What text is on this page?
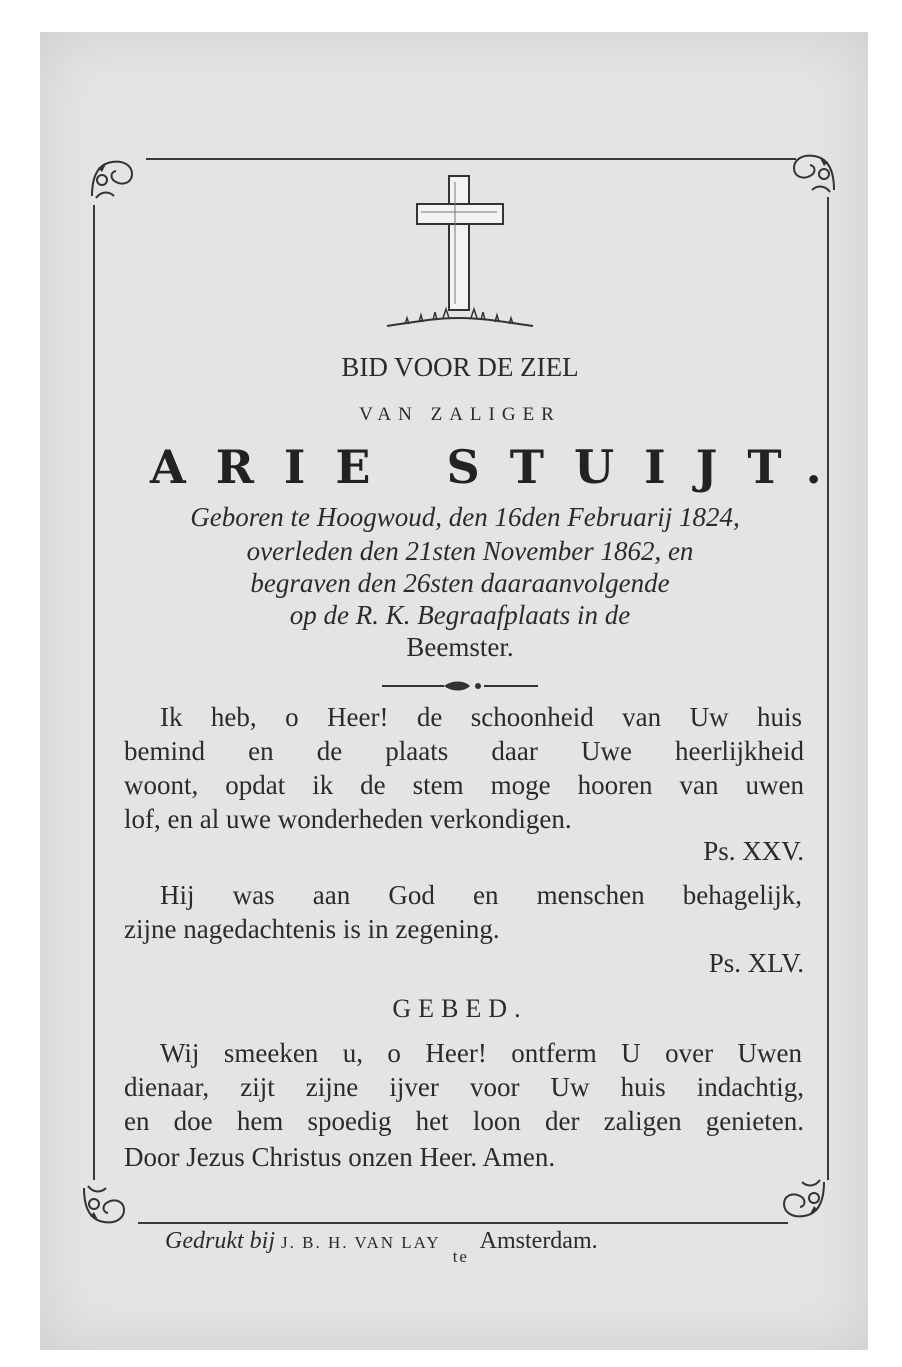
BID VOOR DE ZIEL
VAN ZALIGER
ARIE STUIJT.
Geboren te Hoogwoud, den 16den Februarij 1824,
overleden den 21sten November 1862, en
begraven den 26sten daaraanvolgende
op de R. K. Begraafplaats in de
Beemster.
Ik heb, o Heer! de schoonheid van Uw huis
bemind en de plaats daar Uwe heerlijkheid
woont, opdat ik de stem moge hooren van uwen
lof, en al uwe wonderheden verkondigen.
Ps. XXV.
Hij was aan God en menschen behagelijk,
zijne nagedachtenis is in zegening.
Ps. XLV.
GEBED.
Wij smeeken u, o Heer! ontferm U over Uwen
dienaar, zijt zijne ijver voor Uw huis indachtig,
en doe hem spoedig het loon der zaligen genieten.
Door Jezus Christus onzen Heer. Amen.
Gedrukt bij J. B. H. VAN LAY $_{te}$ Amsterdam.
